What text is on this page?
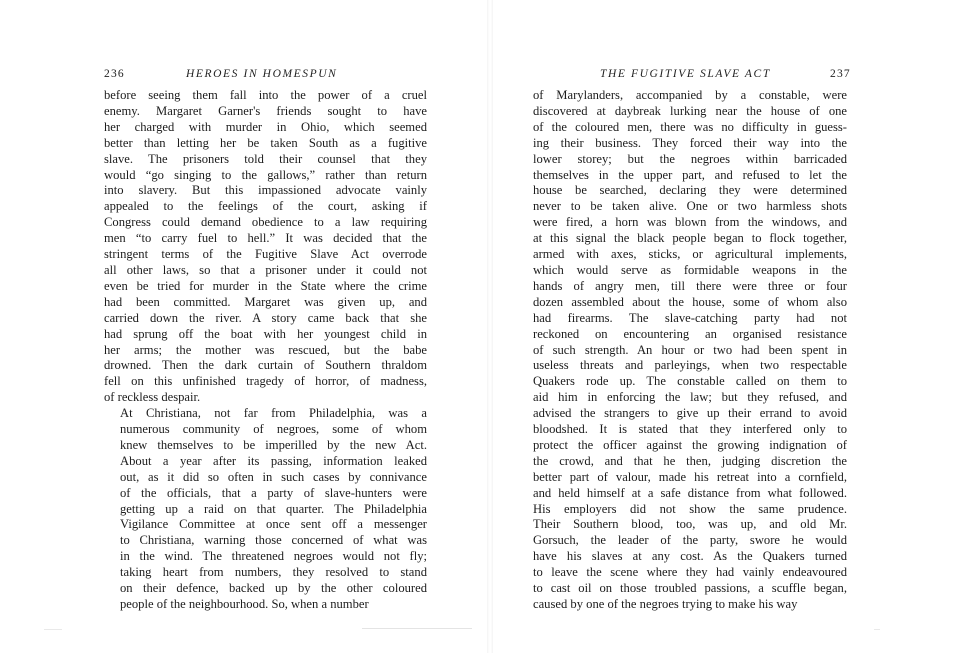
236	HEROES IN HOMESPUN

before seeing them fall into the power of a cruel
enemy. Margaret Garner's friends sought to have
her charged with murder in Ohio, which seemed
better than letting her be taken South as a fugitive
slave. The prisoners told their counsel that they
would “go singing to the gallows,” rather than return
into slavery. But this impassioned advocate vainly
appealed to the feelings of the court, asking if
Congress could demand obedience to a law requiring
men “to carry fuel to hell.” It was decided that the
stringent terms of the Fugitive Slave Act overrode
all other laws, so that a prisoner under it could not
even be tried for murder in the State where the crime
had been committed. Margaret was given up, and
carried down the river. A story came back that she
had sprung off the boat with her youngest child in
her arms; the mother was rescued, but the babe
drowned. Then the dark curtain of Southern thraldom
fell on this unfinished tragedy of horror, of madness,
of reckless despair.

At Christiana, not far from Philadelphia, was a
numerous community of negroes, some of whom
knew themselves to be imperilled by the new Act.
About a year after its passing, information leaked
out, as it did so often in such cases by connivance
of the officials, that a party of slave-hunters were
getting up a raid on that quarter. The Philadelphia
Vigilance Committee at once sent off a messenger
to Christiana, warning those concerned of what was
in the wind. The threatened negroes would not fly;
taking heart from numbers, they resolved to stand
on their defence, backed up by the other coloured
people of the neighbourhood. So, when a number

THE FUGITIVE SLAVE ACT	237

of Marylanders, accompanied by a constable, were
discovered at daybreak lurking near the house of one
of the coloured men, there was no difficulty in guess-
ing their business. They forced their way into the
lower storey; but the negroes within barricaded
themselves in the upper part, and refused to let the
house be searched, declaring they were determined
never to be taken alive. One or two harmless shots
were fired, a horn was blown from the windows, and
at this signal the black people began to flock together,
armed with axes, sticks, or agricultural implements,
which would serve as formidable weapons in the
hands of angry men, till there were three or four
dozen assembled about the house, some of whom also
had firearms. The slave-catching party had not
reckoned on encountering an organised resistance
of such strength. An hour or two had been spent in
useless threats and parleyings, when two respectable
Quakers rode up. The constable called on them to
aid him in enforcing the law; but they refused, and
advised the strangers to give up their errand to avoid
bloodshed. It is stated that they interfered only to
protect the officer against the growing indignation of
the crowd, and that he then, judging discretion the
better part of valour, made his retreat into a cornfield,
and held himself at a safe distance from what followed.
His employers did not show the same prudence.
Their Southern blood, too, was up, and old Mr.
Gorsuch, the leader of the party, swore he would
have his slaves at any cost. As the Quakers turned
to leave the scene where they had vainly endeavoured
to cast oil on those troubled passions, a scuffle began,
caused by one of the negroes trying to make his way
